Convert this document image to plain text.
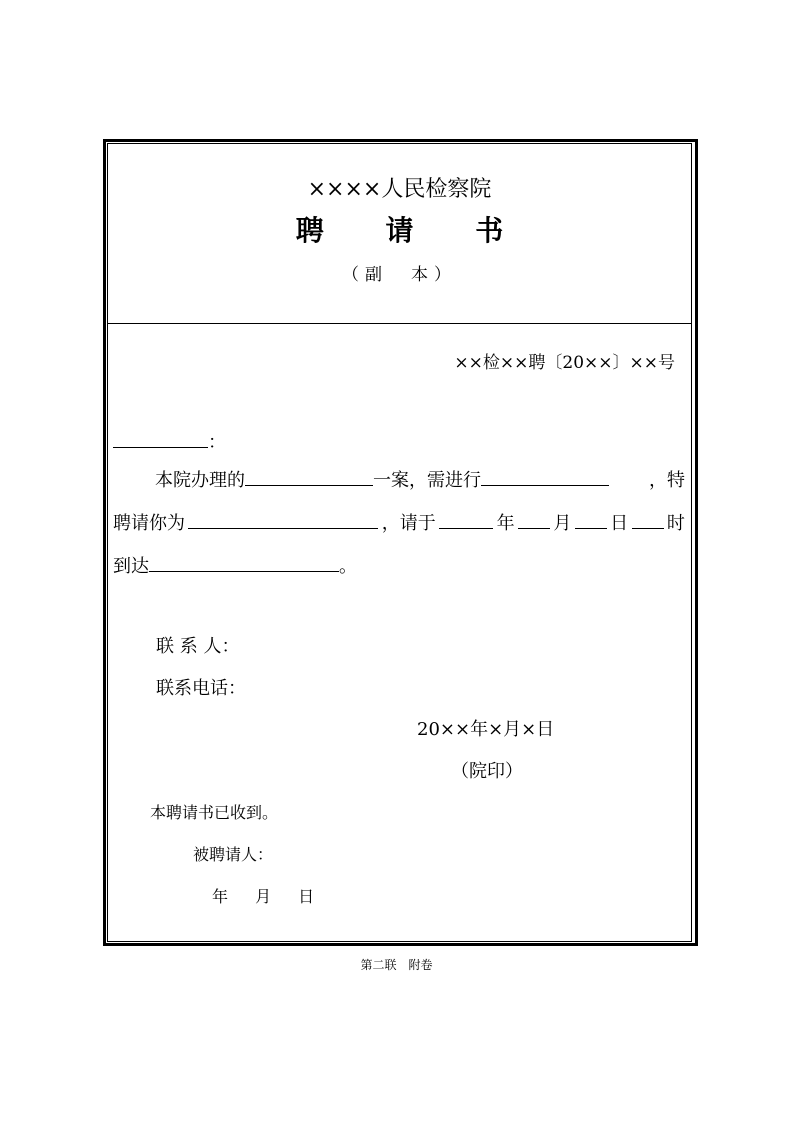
××××人民检察院
聘 请 书
（副　本）
××检××聘〔20××〕××号
：
本院办理的	一案，需进行	，特
聘请你为	，请于	年 月 日 时
到达	。
联 系 人：
联系电话：
20××年×月×日
（院印）
本聘请书已收到。
被聘请人：
年　 月　 日
第二联　附卷
